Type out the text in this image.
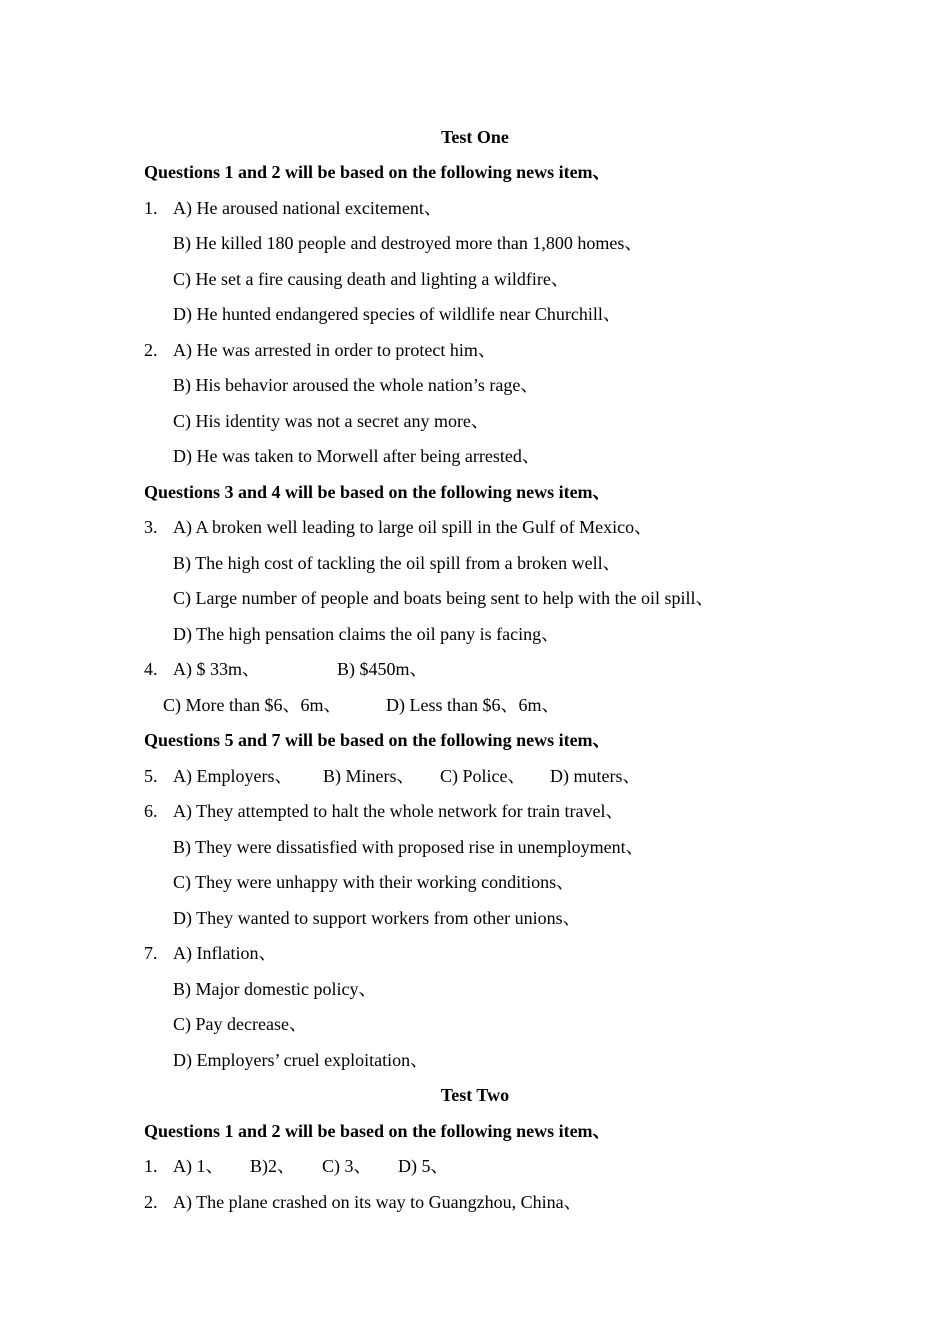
Test One
Questions 1 and 2 will be based on the following news item、
1. A) He aroused national excitement、
B) He killed 180 people and destroyed more than 1,800 homes、
C) He set a fire causing death and lighting a wildfire、
D) He hunted endangered species of wildlife near Churchill、
2. A) He was arrested in order to protect him、
B) His behavior aroused the whole nation’s rage、
C) His identity was not a secret any more、
D) He was taken to Morwell after being arrested、
Questions 3 and 4 will be based on the following news item、
3. A) A broken well leading to large oil spill in the Gulf of Mexico、
B) The high cost of tackling the oil spill from a broken well、
C) Large number of people and boats being sent to help with the oil spill、
D) The high pensation claims the oil pany is facing、
4. A) $ 33m、	B) $450m、
C) More than $6、6m、 D) Less than $6、6m、
Questions 5 and 7 will be based on the following news item、
5. A) Employers、 B) Miners、 C) Police、 D) muters、
6. A) They attempted to halt the whole network for train travel、
B) They were dissatisfied with proposed rise in unemployment、
C) They were unhappy with their working conditions、
D) They wanted to support workers from other unions、
7. A) Inflation、
B) Major domestic policy、
C) Pay decrease、
D) Employers’ cruel exploitation、
Test Two
Questions 1 and 2 will be based on the following news item、
1. A) 1、 B)2、 C) 3、 D) 5、
2. A) The plane crashed on its way to Guangzhou, China、
